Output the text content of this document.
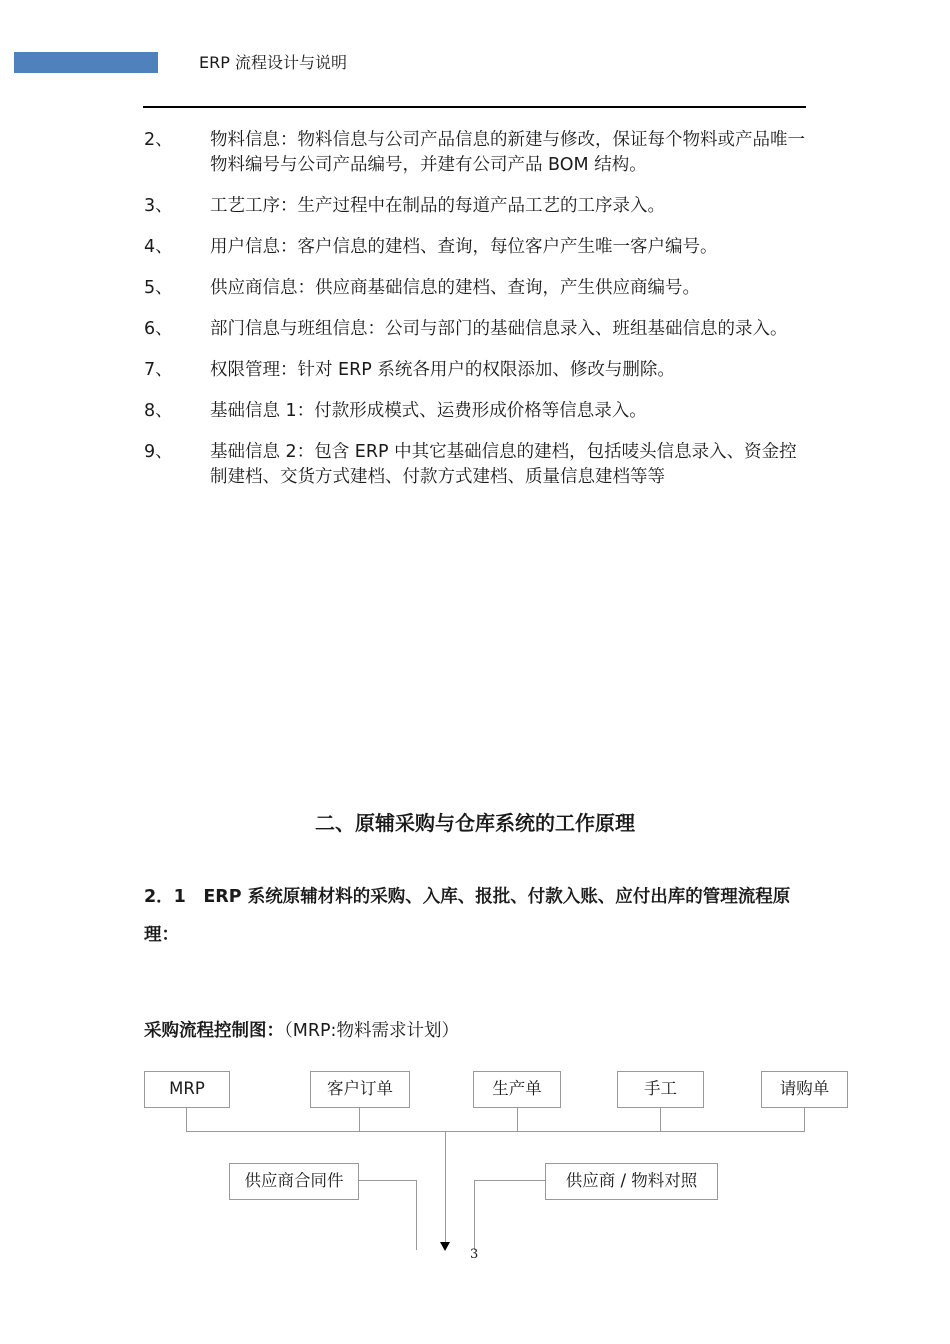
ERP 流程设计与说明
2、	物料信息：物料信息与公司产品信息的新建与修改，保证每个物料或产品唯一物料编号与公司产品编号，并建有公司产品 BOM 结构。
3、	工艺工序：生产过程中在制品的每道产品工艺的工序录入。
4、	用户信息：客户信息的建档、查询，每位客户产生唯一客户编号。
5、	供应商信息：供应商基础信息的建档、查询，产生供应商编号。
6、	部门信息与班组信息：公司与部门的基础信息录入、班组基础信息的录入。
7、	权限管理：针对 ERP 系统各用户的权限添加、修改与删除。
8、	基础信息 1：付款形成模式、运费形成价格等信息录入。
9、	基础信息 2：包含 ERP 中其它基础信息的建档，包括唛头信息录入、资金控制建档、交货方式建档、付款方式建档、质量信息建档等等
二、原辅采购与仓库系统的工作原理

2．1　ERP 系统原辅材料的采购、入库、报批、付款入账、应付出库的管理流程原理：

采购流程控制图：（MRP:物料需求计划）
MRP	客户订单	生产单	手工	请购单
供应商合同件	供应商 / 物料对照
3
